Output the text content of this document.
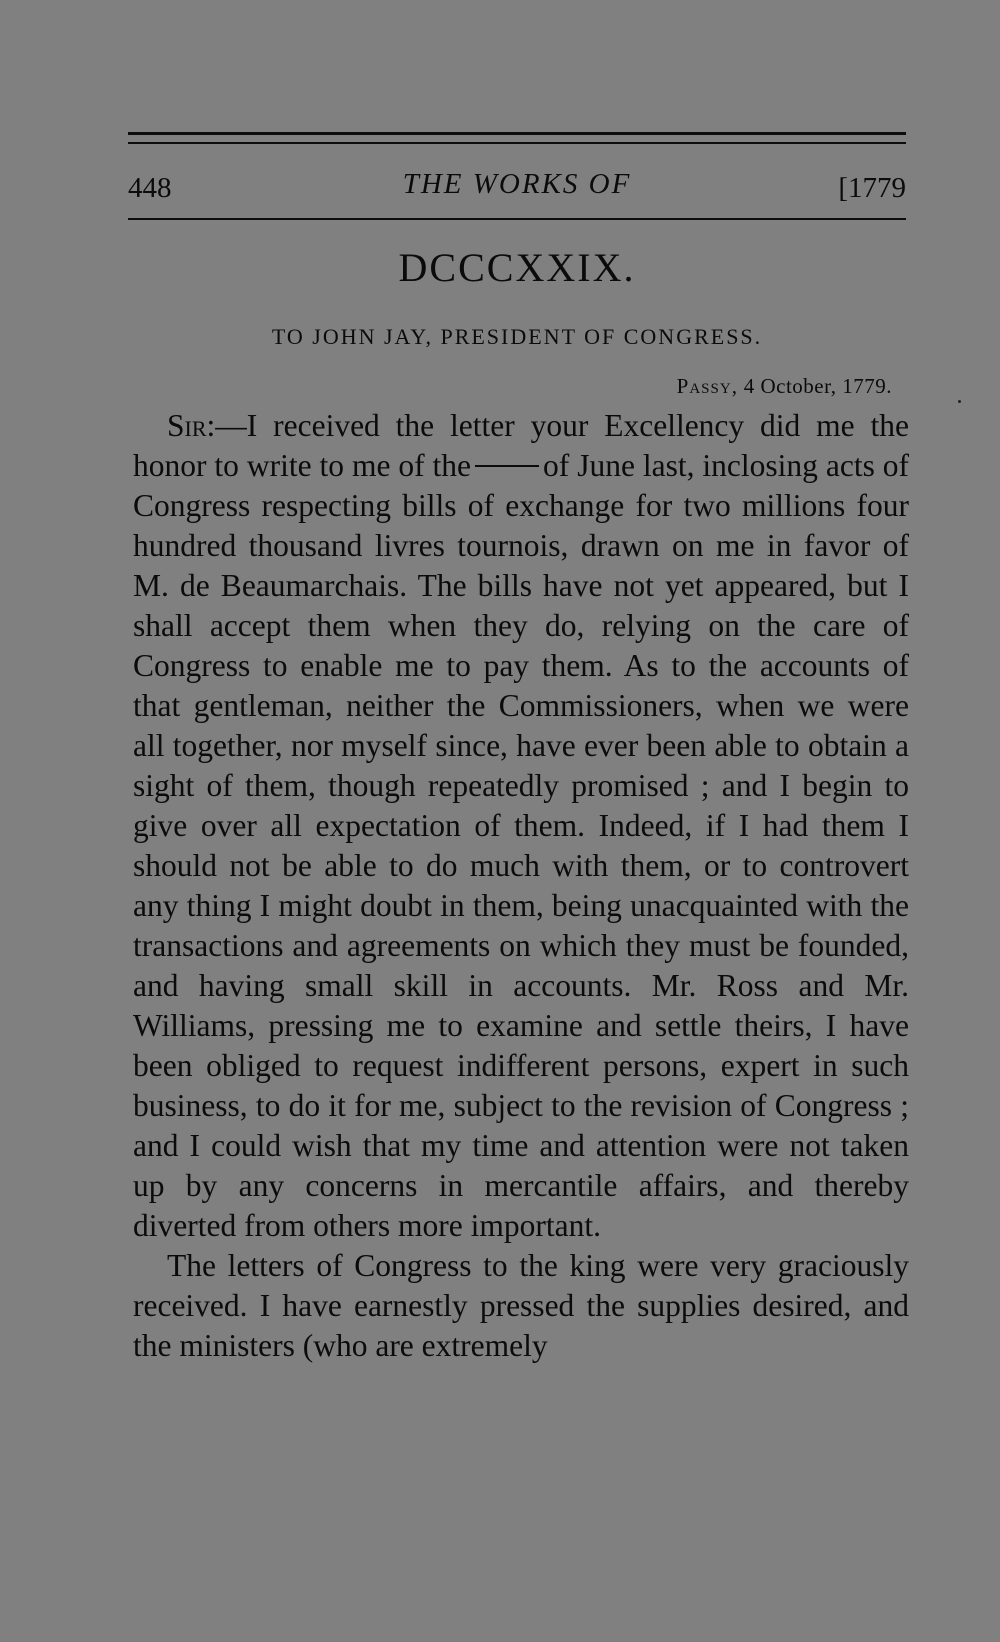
448	THE WORKS OF	[1779
DCCCXXIX.
TO JOHN JAY, PRESIDENT OF CONGRESS.
Passy, 4 October, 1779.

Sir:—I received the letter your Excellency did me the honor to write to me of the of June last, inclosing acts of Congress respecting bills of exchange for two millions four hundred thousand livres tournois, drawn on me in favor of M. de Beaumarchais. The bills have not yet appeared, but I shall accept them when they do, relying on the care of Congress to enable me to pay them. As to the accounts of that gentleman, neither the Commissioners, when we were all together, nor myself since, have ever been able to obtain a sight of them, though repeatedly promised ; and I begin to give over all expectation of them. Indeed, if I had them I should not be able to do much with them, or to controvert any thing I might doubt in them, being unacquainted with the transactions and agreements on which they must be founded, and having small skill in accounts. Mr. Ross and Mr. Williams, pressing me to examine and settle theirs, I have been obliged to request indifferent persons, expert in such business, to do it for me, subject to the revision of Congress ; and I could wish that my time and attention were not taken up by any concerns in mercantile affairs, and thereby diverted from others more important.

The letters of Congress to the king were very graciously received. I have earnestly pressed the supplies desired, and the ministers (who are extremely
